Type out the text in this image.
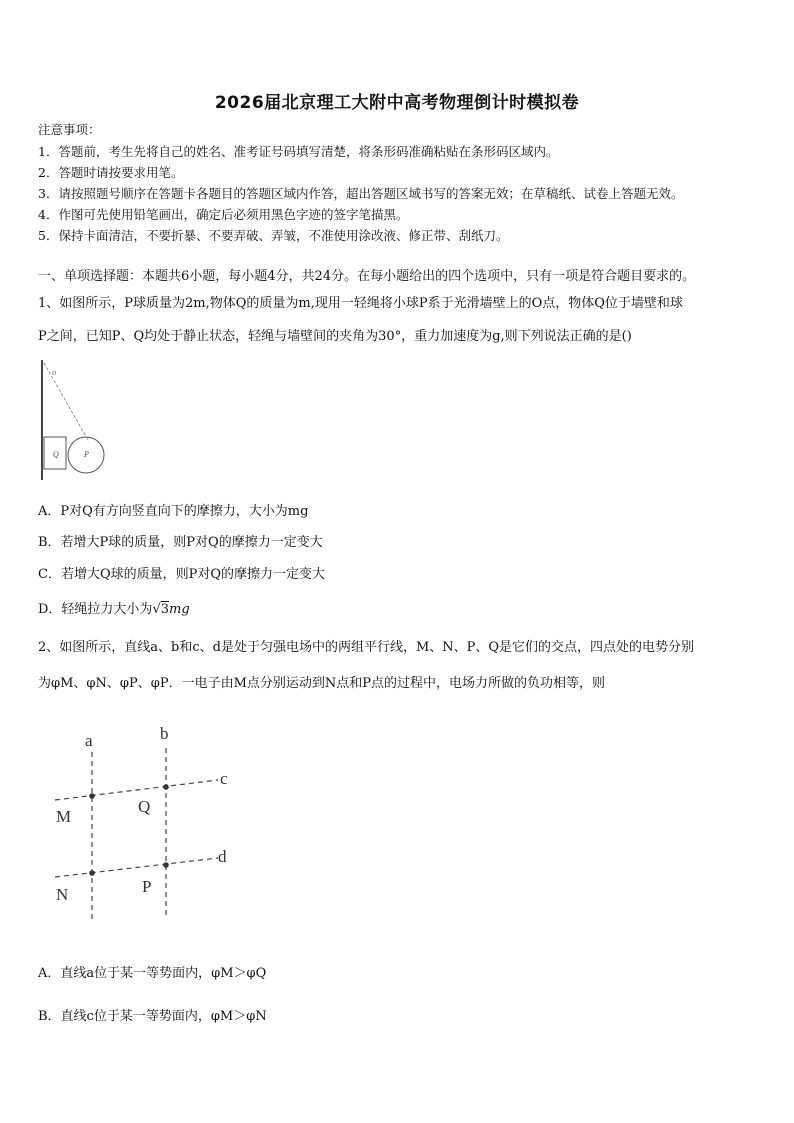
2026届北京理工大附中高考物理倒计时模拟卷
注意事项：
1．答题前，考生先将自己的姓名、准考证号码填写清楚，将条形码准确粘贴在条形码区域内。
2．答题时请按要求用笔。
3．请按照题号顺序在答题卡各题目的答题区域内作答，超出答题区域书写的答案无效；在草稿纸、试卷上答题无效。
4．作图可先使用铅笔画出，确定后必须用黑色字迹的签字笔描黑。
5．保持卡面清洁，不要折暴、不要弄破、弄皱，不准使用涂改液、修正带、刮纸刀。
一、单项选择题：本题共6小题，每小题4分，共24分。在每小题给出的四个选项中，只有一项是符合题目要求的。
1、如图所示，P球质量为2m,物体Q的质量为m,现用一轻绳将小球P系于光滑墙壁上的O点，物体Q位于墙壁和球
P之间，已知P、Q均处于静止状态，轻绳与墙壁间的夹角为30°，重力加速度为g,则下列说法正确的是()
o
Q	P
A．P对Q有方向竖直向下的摩擦力，大小为mg
B．若增大P球的质量，则P对Q的摩擦力一定变大
C．若增大Q球的质量，则P对Q的摩擦力一定变大
D．轻绳拉力大小为√3mg
2、如图所示，直线a、b和c、d是处于匀强电场中的两组平行线，M、N、P、Q是它们的交点，四点处的电势分别
为φM、φN、φP、φP．一电子由M点分别运动到N点和P点的过程中，电场力所做的负功相等，则
a	b
c
d
M
Q
N	P
A．直线a位于某一等势面内，φM＞φQ
B．直线c位于某一等势面内，φM＞φN
